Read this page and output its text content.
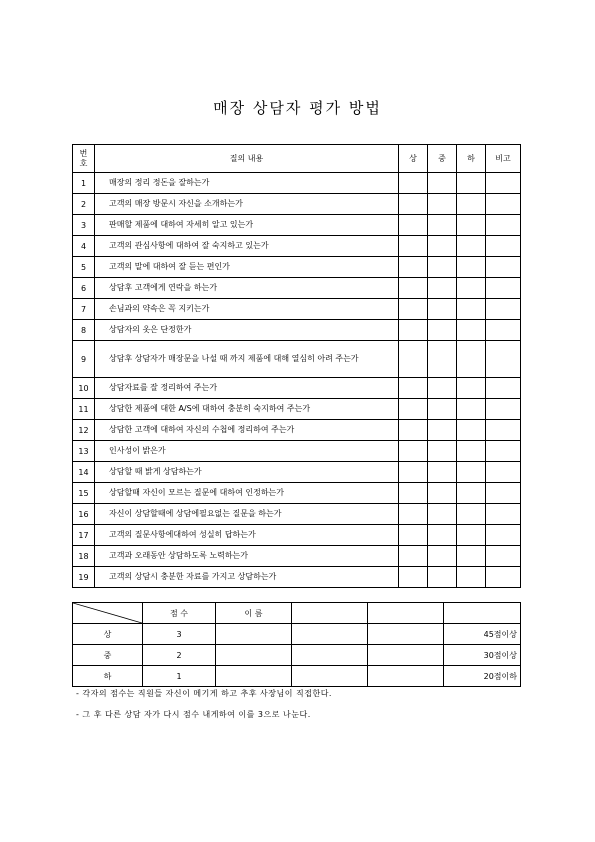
매장 상담자 평가 방법
번
호	질의 내용	상	중	하	비고
1	매장의 정리 정돈을 잘하는가				
2	고객의 매장 방문시 자신을 소개하는가				
3	판매할 제품에 대하여 자세히 알고 있는가				
4	고객의 관심사항에 대하여 잘 숙지하고 있는가				
5	고객의 말에 대하여 잘 듣는 편인가				
6	상담후 고객에게 연락을 하는가				
7	손님과의 약속은 꼭 지키는가				
8	상담자의 옷은 단정한가				
9	상담후 상담자가 매장문을 나설 때 까지 제품에 대해 열심히 아려 주는가				
10	상담자료를 잘 정리하여 주는가				
11	상담한 제품에 대한 A/S에 대하여 충분히 숙지하여 주는가				
12	상담한 고객에 대하여 자신의 수첩에 정리하여 주는가				
13	인사성이 밝은가				
14	상담할 때 밝게 상담하는가				
15	상담할때 자신이 모르는 질문에 대하여 인정하는가				
16	자신이 상담할때에 상담에필요없는 질문을 하는가				
17	고객의 질문사항에대하여 성실히 답하는가				
18	고객과 오래동안 상담하도록 노력하는가				
19	고객의 상담시 충분한 자료를 가지고 상담하는가				
	점 수	이 름			
상	3				45점이상
중	2				30점이상
하	1				20점이하
- 각자의 점수는 직원들 자신이 메기게 하고 추후 사장님이 직접한다.
- 그 후 다른 상담 자가 다시 점수 내게하여 이를 3으로 나눈다.
